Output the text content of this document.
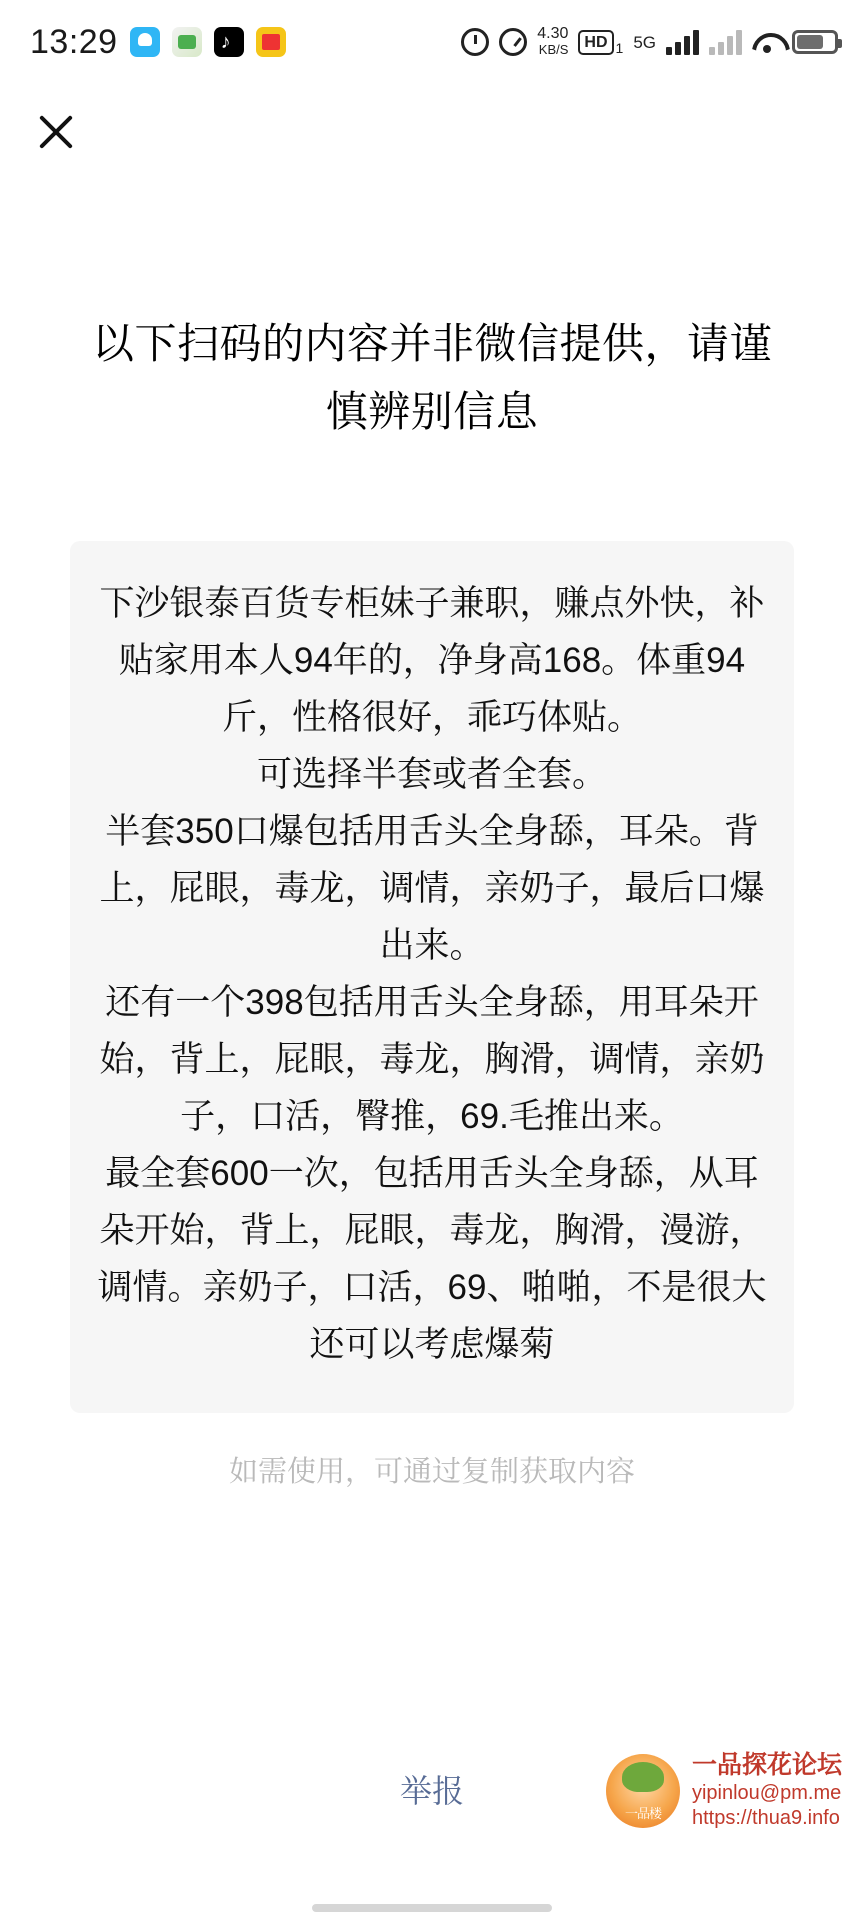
13:29 ♪	4.30
KB/S	HD 1 5G
以下扫码的内容并非微信提供，请谨慎辨别信息

下沙银泰百货专柜妹子兼职，赚点外快，补贴家用本人94年的，净身高168。体重94斤，性格很好，乖巧体贴。

可选择半套或者全套。

半套350口爆包括用舌头全身舔，耳朵。背上，屁眼，毒龙，调情，亲奶子，最后口爆出来。

还有一个398包括用舌头全身舔，用耳朵开始，背上，屁眼，毒龙，胸滑，调情，亲奶子，口活，臀推，69.毛推出来。

最全套600一次，包括用舌头全身舔，从耳朵开始，背上，屁眼，毒龙，胸滑，漫游，调情。亲奶子，口活，69、啪啪，不是很大还可以考虑爆菊

如需使用，可通过复制获取内容
举报
一品楼
一品探花论坛
yipinlou@pm.me
https://thua9.info
